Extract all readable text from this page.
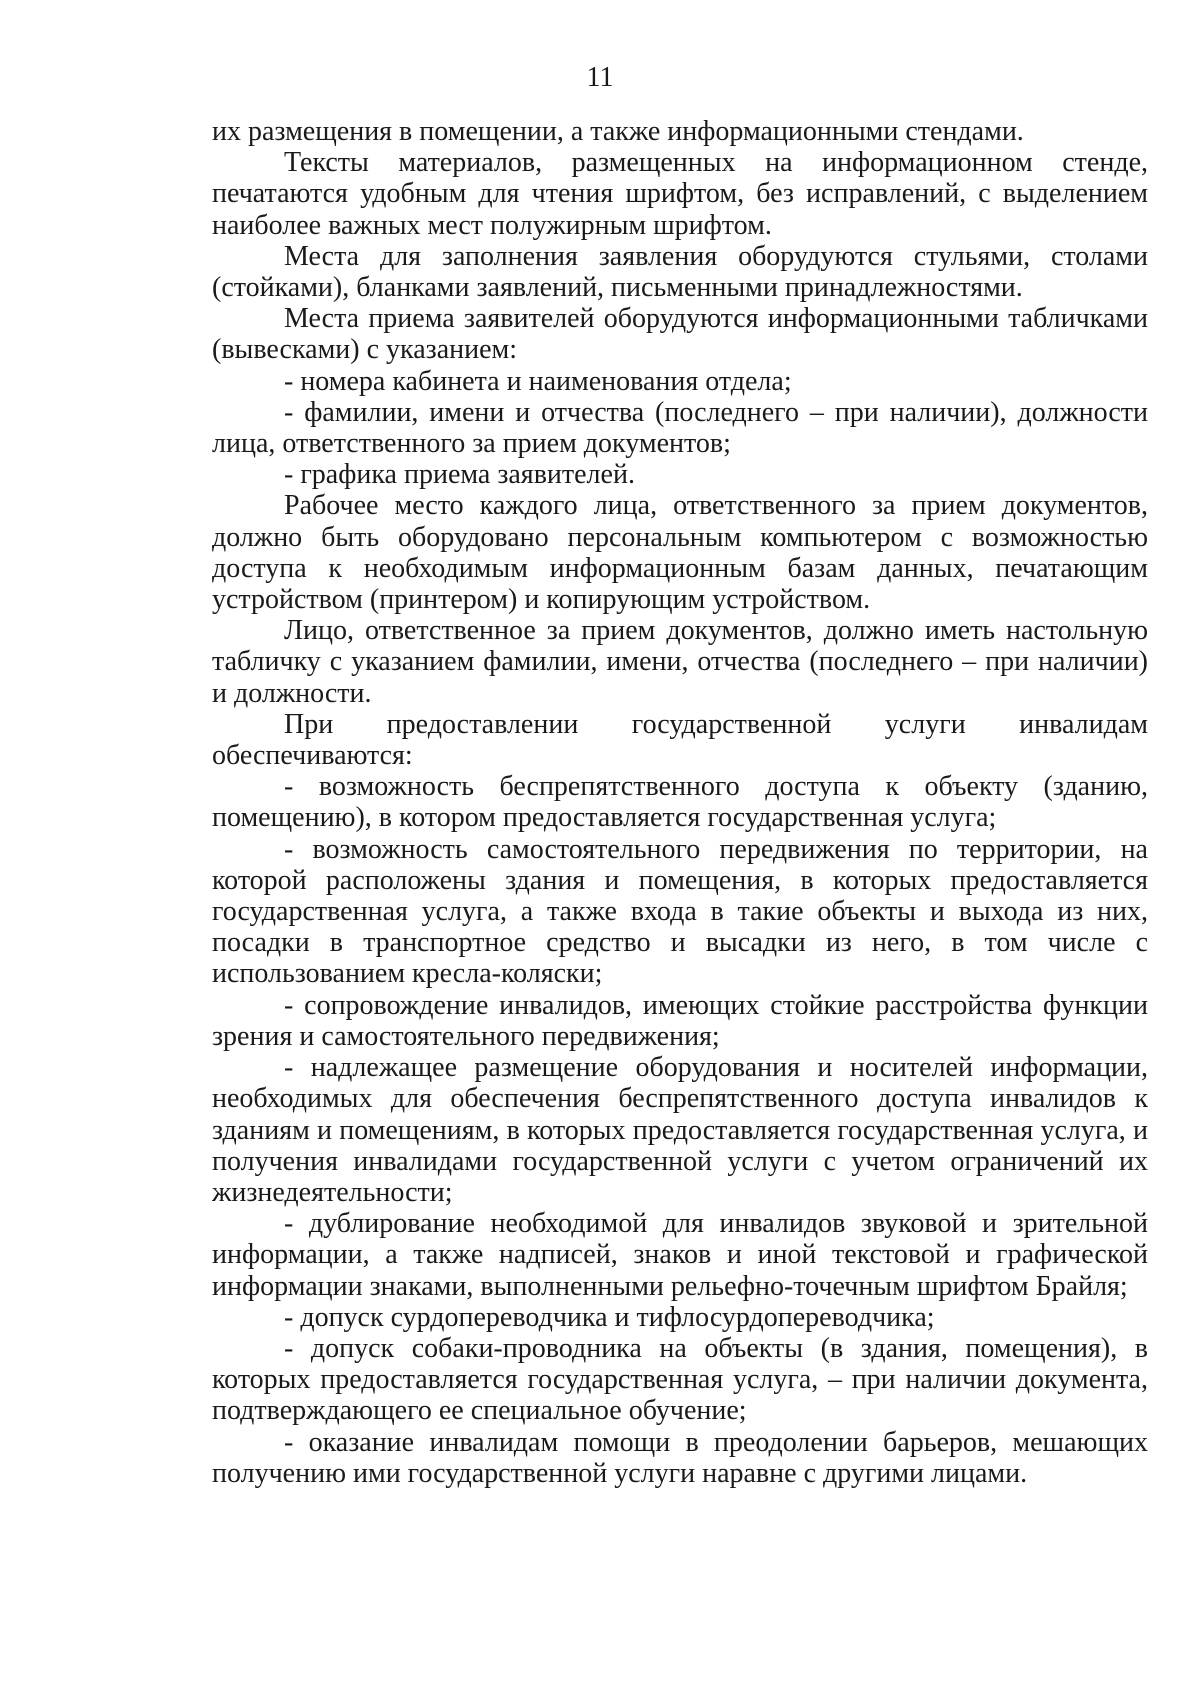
11

их размещения в помещении, а также информационными стендами.

Тексты материалов, размещенных на информационном стенде, печатаются удобным для чтения шрифтом, без исправлений, с выделением наиболее важных мест полужирным шрифтом.

Места для заполнения заявления оборудуются стульями, столами (стойками), бланками заявлений, письменными принадлежностями.

Места приема заявителей оборудуются информационными табличками (вывесками) с указанием:

- номера кабинета и наименования отдела;

- фамилии, имени и отчества (последнего – при наличии), должности лица, ответственного за прием документов;

- графика приема заявителей.

Рабочее место каждого лица, ответственного за прием документов, должно быть оборудовано персональным компьютером с возможностью доступа к необходимым информационным базам данных, печатающим устройством (принтером) и копирующим устройством.

Лицо, ответственное за прием документов, должно иметь настольную табличку с указанием фамилии, имени, отчества (последнего – при наличии) и должности.

При предоставлении государственной услуги инвалидам обеспечиваются:

- возможность беспрепятственного доступа к объекту (зданию, помещению), в котором предоставляется государственная услуга;

- возможность самостоятельного передвижения по территории, на которой расположены здания и помещения, в которых предоставляется государственная услуга, а также входа в такие объекты и выхода из них, посадки в транспортное средство и высадки из него, в том числе с использованием кресла-коляски;

- сопровождение инвалидов, имеющих стойкие расстройства функции зрения и самостоятельного передвижения;

- надлежащее размещение оборудования и носителей информации, необходимых для обеспечения беспрепятственного доступа инвалидов к зданиям и помещениям, в которых предоставляется государственная услуга, и получения инвалидами государственной услуги с учетом ограничений их жизнедеятельности;

- дублирование необходимой для инвалидов звуковой и зрительной информации, а также надписей, знаков и иной текстовой и графической информации знаками, выполненными рельефно-точечным шрифтом Брайля;

- допуск сурдопереводчика и тифлосурдопереводчика;

- допуск собаки-проводника на объекты (в здания, помещения), в которых предоставляется государственная услуга, – при наличии документа, подтверждающего ее специальное обучение;

- оказание инвалидам помощи в преодолении барьеров, мешающих получению ими государственной услуги наравне с другими лицами.
